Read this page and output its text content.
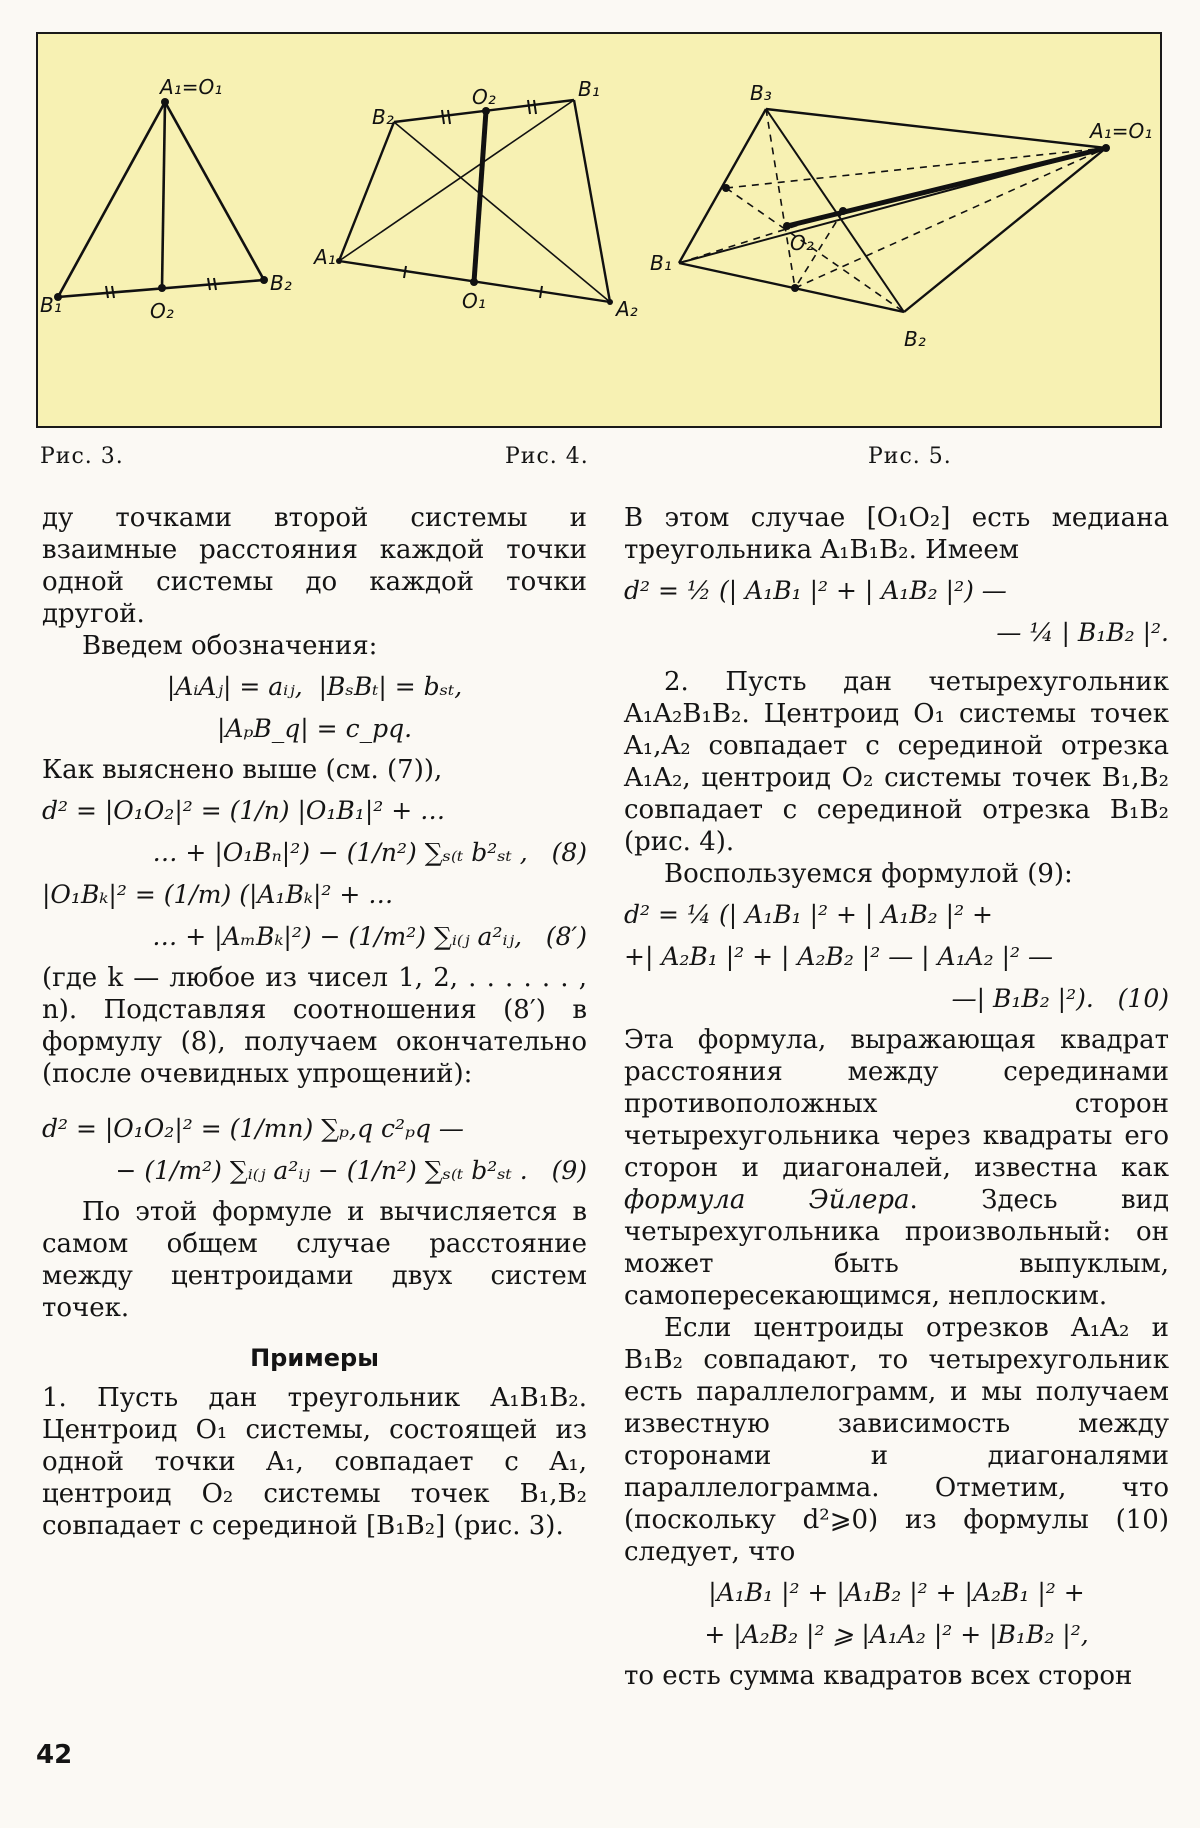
A₁=O₁
B₁
B₂
O₂
B₂
O₂	B₁
A₁
O₁	A₂
B₃
A₁=O₁
B₁
O₂
B₂
Рис. 3.	Рис. 4.	Рис. 5.

ду точками второй системы и взаимные расстояния каждой точки одной системы до каждой точки другой.

Введем обозначения:

|AᵢAⱼ| = aᵢⱼ,  |BₛBₜ| = bₛₜ,
|AₚB_q| = c_pq.

Как выяснено выше (см. (7)),

d² = |O₁O₂|² = (1/n) |O₁B₁|² + …
… + |O₁Bₙ|²) − (1/n²) ∑ₛ₍ₜ b²ₛₜ ,   (8)
|O₁Bₖ|² = (1/m) (|A₁Bₖ|² + …
… + |AₘBₖ|²) − (1/m²) ∑ᵢ₍ⱼ a²ᵢⱼ,   (8′)

(где k — любое из чисел 1, 2, . . . . . . , n). Подставляя соотношения (8′) в формулу (8), получаем окончательно (после очевидных упрощений):

d² = |O₁O₂|² = (1/mn) ∑ₚ,q c²ₚq —
− (1/m²) ∑ᵢ₍ⱼ a²ᵢⱼ − (1/n²) ∑ₛ₍ₜ b²ₛₜ .   (9)

По этой формуле и вычисляется в самом общем случае расстояние между центроидами двух систем точек.

Примеры

1. Пусть дан треугольник A₁B₁B₂. Центроид O₁ системы, состоящей из одной точки A₁, совпадает с A₁, центроид O₂ системы точек B₁,B₂ совпадает с серединой [B₁B₂] (рис. 3).

В этом случае [O₁O₂] есть медиана треугольника A₁B₁B₂. Имеем

d² = ½ (| A₁B₁ |² + | A₁B₂ |²) —
— ¼ | B₁B₂ |².

2. Пусть дан четырехугольник A₁A₂B₁B₂. Центроид O₁ системы точек A₁,A₂ совпадает с серединой отрезка A₁A₂, центроид O₂ системы точек B₁,B₂ совпадает с серединой отрезка B₁B₂ (рис. 4).

Воспользуемся формулой (9):

d² = ¼ (| A₁B₁ |² + | A₁B₂ |² +
+| A₂B₁ |² + | A₂B₂ |² — | A₁A₂ |² —
—| B₁B₂ |²).   (10)

Эта формула, выражающая квадрат расстояния между серединами противоположных сторон четырехугольника через квадраты его сторон и диагоналей, известна как формула Эйлера. Здесь вид четырехугольника произвольный: он может быть выпуклым, самопересекающимся, неплоским.

Если центроиды отрезков A₁A₂ и B₁B₂ совпадают, то четырехугольник есть параллелограмм, и мы получаем известную зависимость между сторонами и диагоналями параллелограмма. Отметим, что (поскольку d²⩾0) из формулы (10) следует, что

|A₁B₁ |² + |A₁B₂ |² + |A₂B₁ |² +
+ |A₂B₂ |² ⩾ |A₁A₂ |² + |B₁B₂ |²,

то есть сумма квадратов всех сторон

42
